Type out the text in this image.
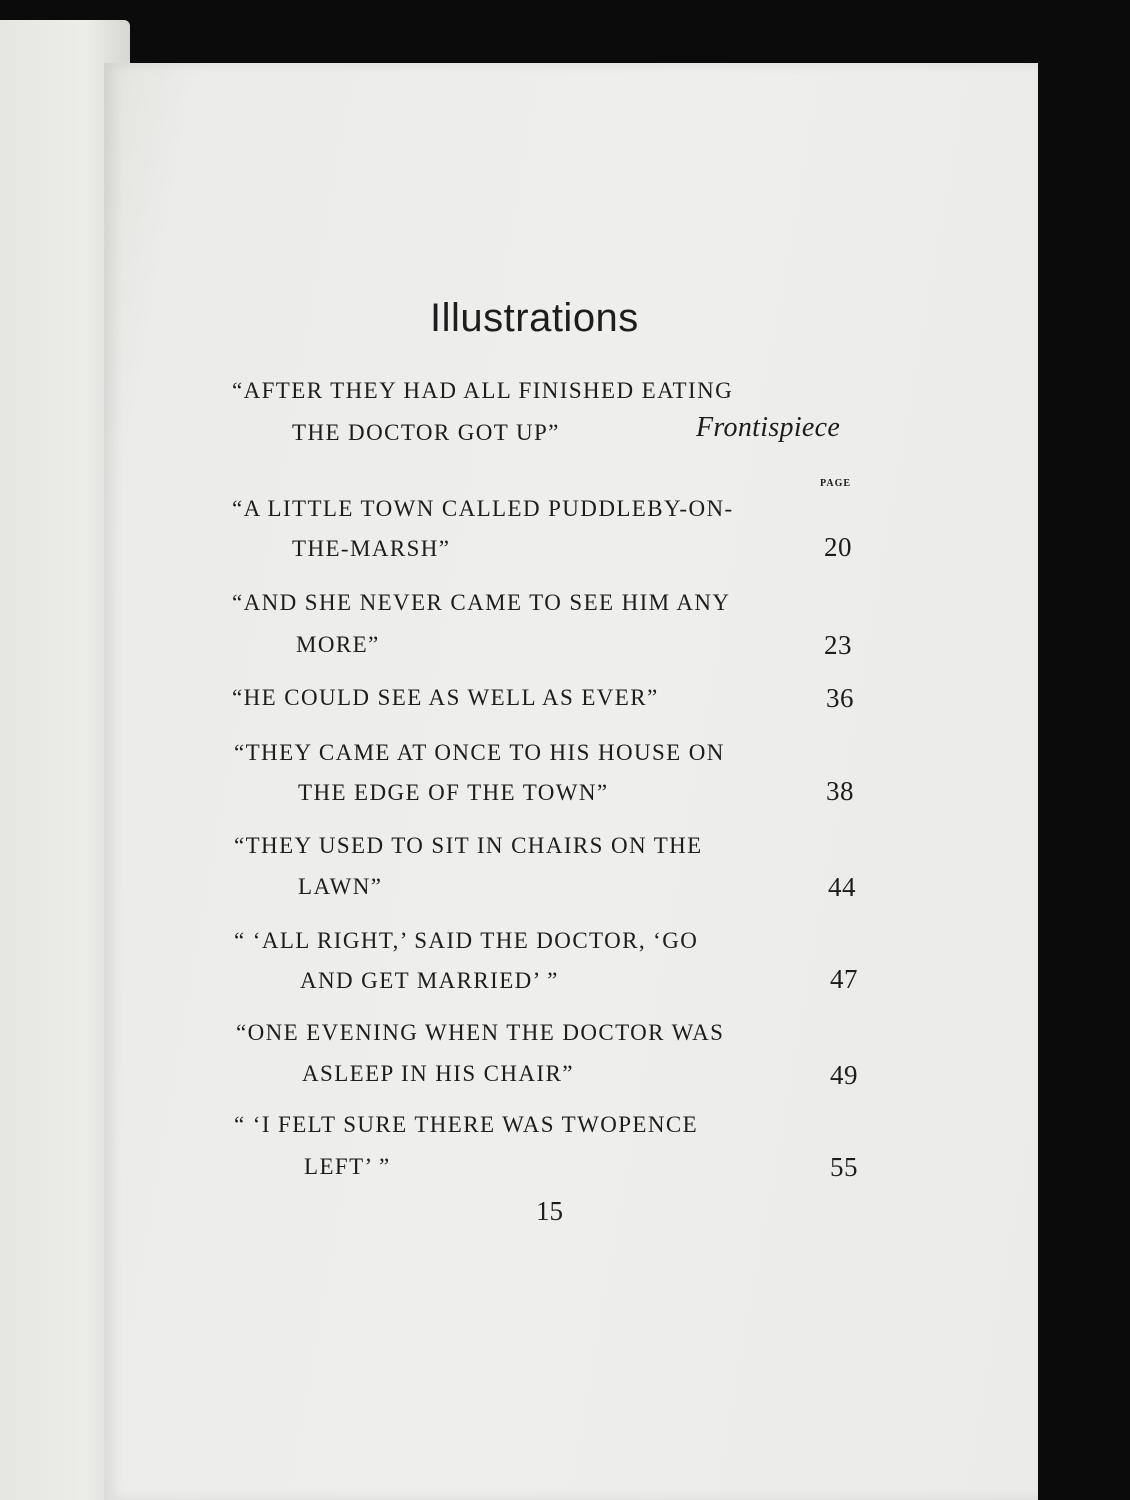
Illustrations
“AFTER THEY HAD ALL FINISHED EATING
THE DOCTOR GOT UP”	Frontispiece
PAGE
“A LITTLE TOWN CALLED PUDDLEBY-ON-
THE-MARSH”	20
“AND SHE NEVER CAME TO SEE HIM ANY
MORE”	23
“HE COULD SEE AS WELL AS EVER”	36
“THEY CAME AT ONCE TO HIS HOUSE ON
THE EDGE OF THE TOWN”	38
“THEY USED TO SIT IN CHAIRS ON THE
LAWN”	44
“ ‘ALL RIGHT,’ SAID THE DOCTOR, ‘GO
AND GET MARRIED’ ”	47
“ONE EVENING WHEN THE DOCTOR WAS
ASLEEP IN HIS CHAIR”	49
“ ‘I FELT SURE THERE WAS TWOPENCE
LEFT’ ”	55
15
